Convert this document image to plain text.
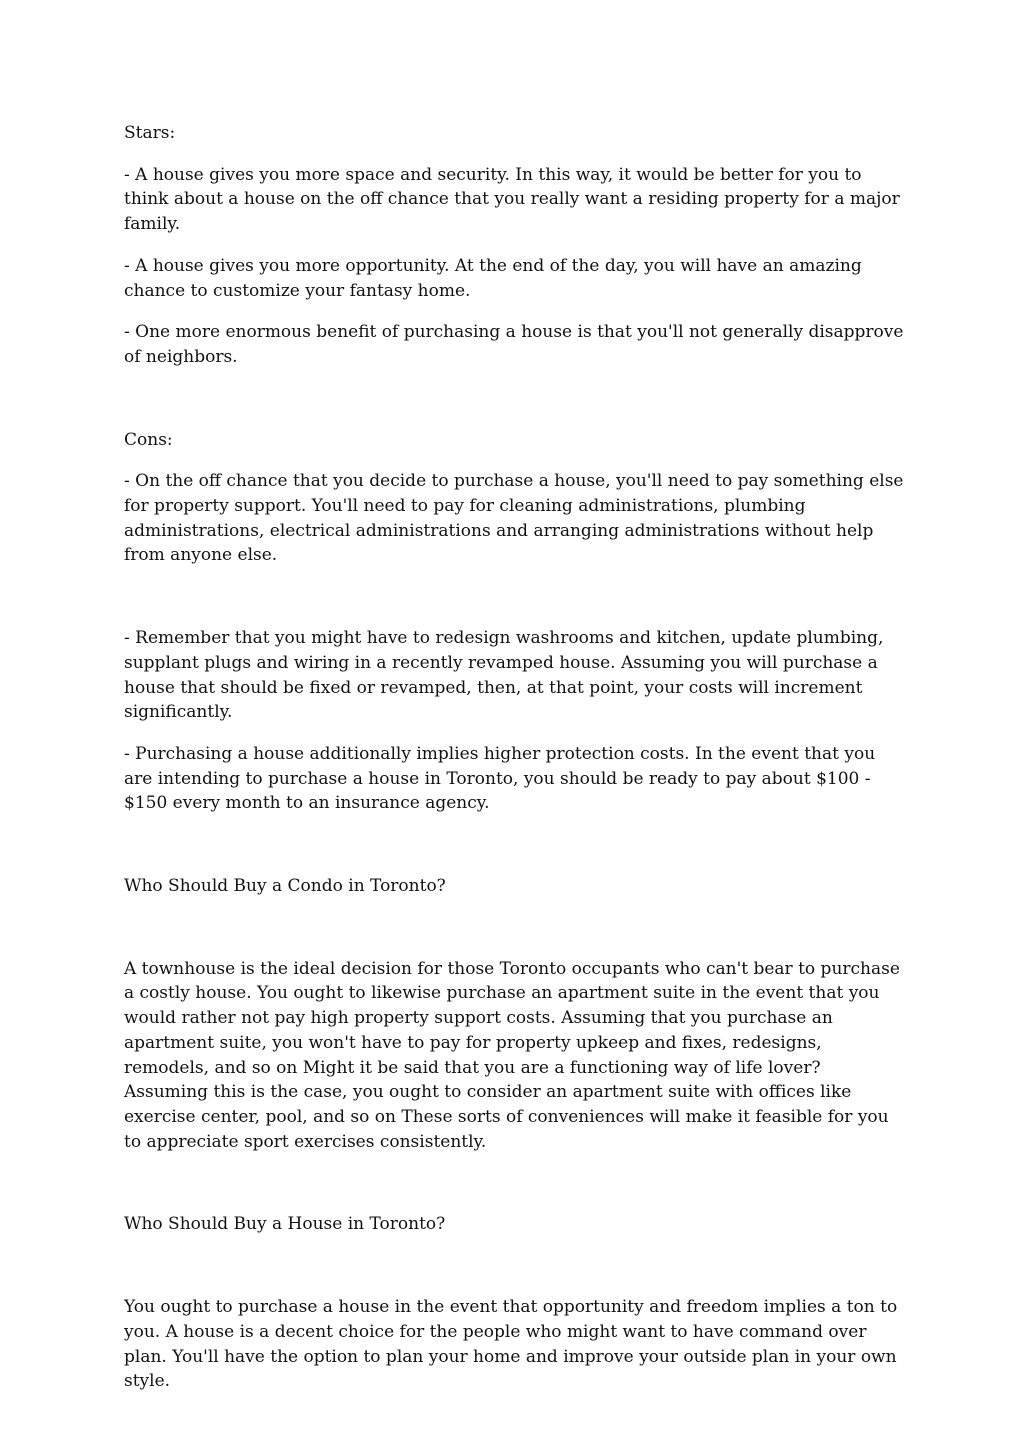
Stars:

- A house gives you more space and security. In this way, it would be better for you to think about a house on the off chance that you really want a residing property for a major family.

- A house gives you more opportunity. At the end of the day, you will have an amazing chance to customize your fantasy home.

- One more enormous benefit of purchasing a house is that you'll not generally disapprove of neighbors.

Cons:

- On the off chance that you decide to purchase a house, you'll need to pay something else for property support. You'll need to pay for cleaning administrations, plumbing administrations, electrical administrations and arranging administrations without help from anyone else.

- Remember that you might have to redesign washrooms and kitchen, update plumbing, supplant plugs and wiring in a recently revamped house. Assuming you will purchase a house that should be fixed or revamped, then, at that point, your costs will increment significantly.

- Purchasing a house additionally implies higher protection costs. In the event that you are intending to purchase a house in Toronto, you should be ready to pay about $100 - $150 every month to an insurance agency.

Who Should Buy a Condo in Toronto?

A townhouse is the ideal decision for those Toronto occupants who can't bear to purchase a costly house. You ought to likewise purchase an apartment suite in the event that you would rather not pay high property support costs. Assuming that you purchase an apartment suite, you won't have to pay for property upkeep and fixes, redesigns, remodels, and so on Might it be said that you are a functioning way of life lover? Assuming this is the case, you ought to consider an apartment suite with offices like exercise center, pool, and so on These sorts of conveniences will make it feasible for you to appreciate sport exercises consistently.

Who Should Buy a House in Toronto?

You ought to purchase a house in the event that opportunity and freedom implies a ton to you. A house is a decent choice for the people who might want to have command over plan. You'll have the option to plan your home and improve your outside plan in your own style.
